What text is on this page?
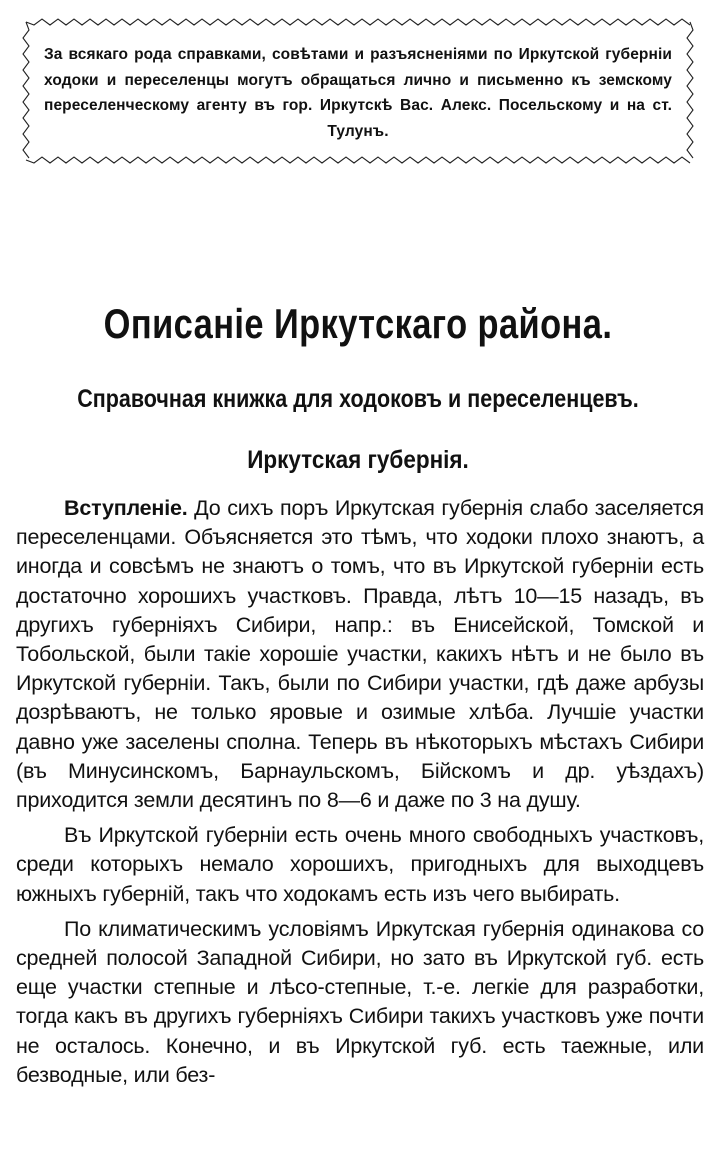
За всякаго рода справками, совѣтами и разъясненіями по Иркутской губерніи ходоки и переселенцы могутъ обращаться лично и письменно къ земскому переселенческому агенту въ гор. Иркутскѣ Вас. Алекс. Посельскому и на ст. Тулунъ.
Описаніе Иркутскаго района.
Справочная книжка для ходоковъ и переселенцевъ.
Иркутская губернія.

Вступленіе. До сихъ поръ Иркутская губернія слабо заселяется переселенцами. Объясняется это тѣмъ, что ходоки плохо знаютъ, а иногда и совсѣмъ не знаютъ о томъ, что въ Иркутской губерніи есть достаточно хорошихъ участковъ. Правда, лѣтъ 10—15 назадъ, въ другихъ губерніяхъ Сибири, напр.: въ Енисейской, Томской и Тобольской, были такіе хорошіе участки, какихъ нѣтъ и не было въ Иркутской губерніи. Такъ, были по Сибири участки, гдѣ даже арбузы дозрѣваютъ, не только яровые и озимые хлѣба. Лучшіе участки давно уже заселены сполна. Теперь въ нѣкоторыхъ мѣстахъ Сибири (въ Минусинскомъ, Барнаульскомъ, Бійскомъ и др. уѣздахъ) приходится земли десятинъ по 8—6 и даже по 3 на душу.

Въ Иркутской губерніи есть очень много свободныхъ участковъ, среди которыхъ немало хорошихъ, пригодныхъ для выходцевъ южныхъ губерній, такъ что ходокамъ есть изъ чего выбирать.

По климатическимъ условіямъ Иркутская губернія одинакова со средней полосой Западной Сибири, но зато въ Иркутской губ. есть еще участки степные и лѣсо-степные, т.-е. легкіе для разработки, тогда какъ въ другихъ губерніяхъ Сибири такихъ участковъ уже почти не осталось. Конечно, и въ Иркутской губ. есть таежные, или безводные, или без-
